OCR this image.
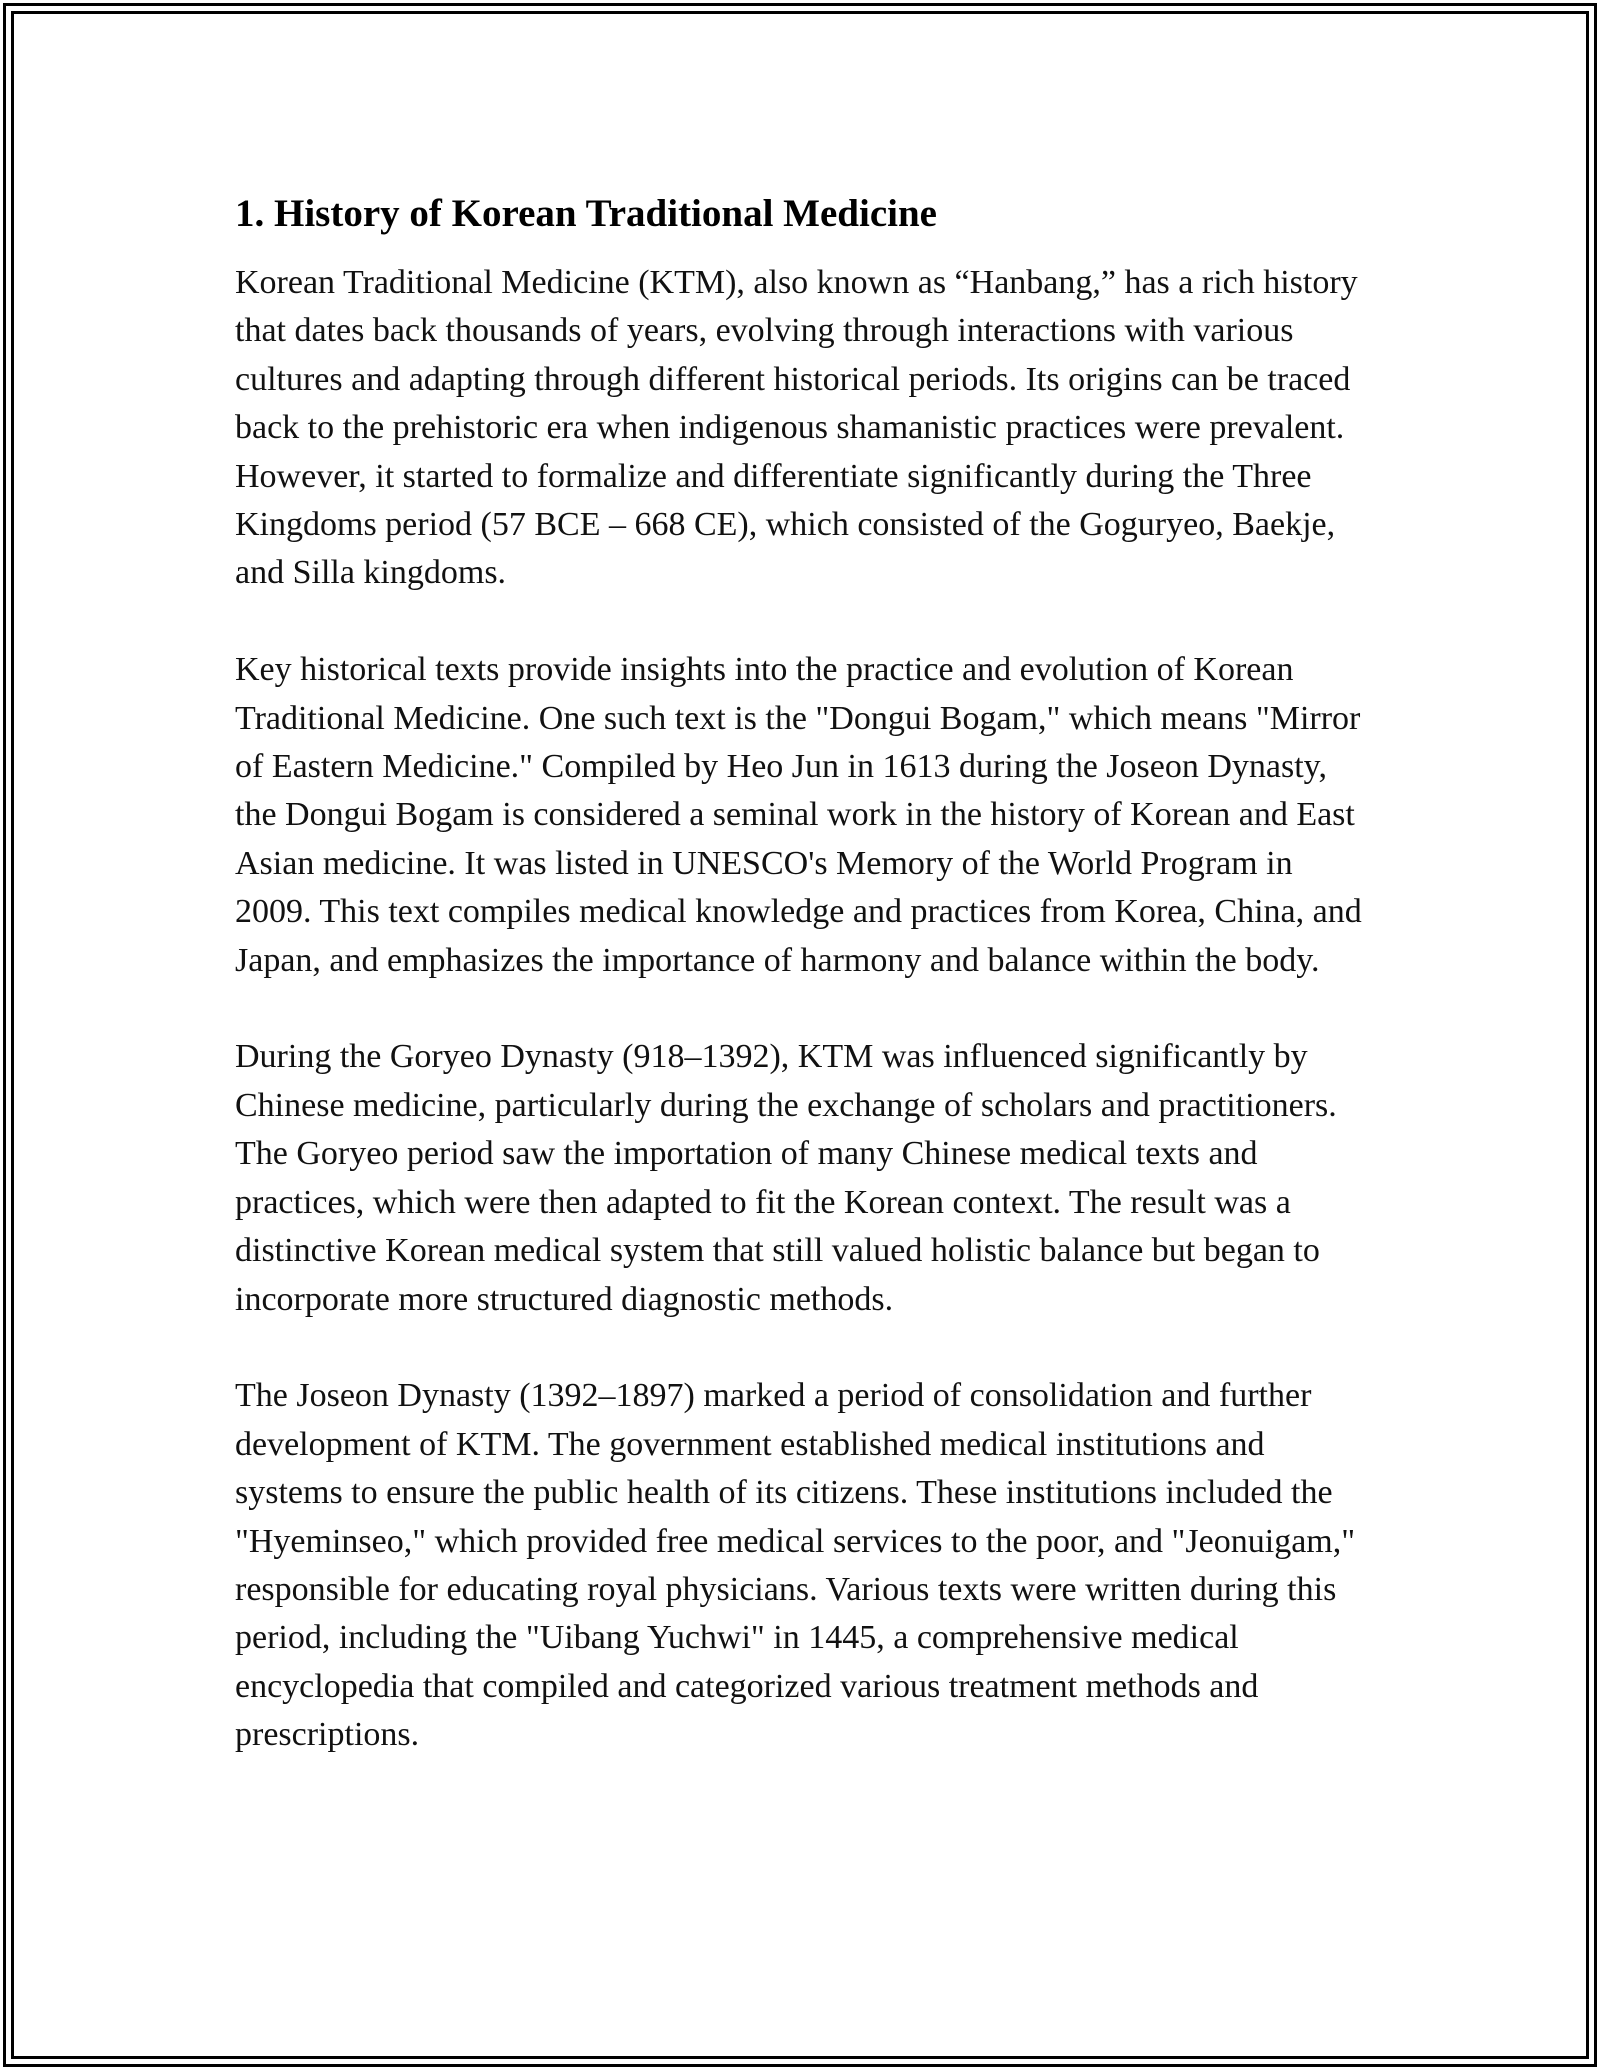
1. History of Korean Traditional Medicine

Korean Traditional Medicine (KTM), also known as “Hanbang,” has a rich history that dates back thousands of years, evolving through interactions with various cultures and adapting through different historical periods. Its origins can be traced back to the prehistoric era when indigenous shamanistic practices were prevalent. However, it started to formalize and differentiate significantly during the Three Kingdoms period (57 BCE – 668 CE), which consisted of the Goguryeo, Baekje, and Silla kingdoms.

Key historical texts provide insights into the practice and evolution of Korean Traditional Medicine. One such text is the "Dongui Bogam," which means "Mirror of Eastern Medicine." Compiled by Heo Jun in 1613 during the Joseon Dynasty, the Dongui Bogam is considered a seminal work in the history of Korean and East Asian medicine. It was listed in UNESCO's Memory of the World Program in 2009. This text compiles medical knowledge and practices from Korea, China, and Japan, and emphasizes the importance of harmony and balance within the body.

During the Goryeo Dynasty (918–1392), KTM was influenced significantly by Chinese medicine, particularly during the exchange of scholars and practitioners. The Goryeo period saw the importation of many Chinese medical texts and practices, which were then adapted to fit the Korean context. The result was a distinctive Korean medical system that still valued holistic balance but began to incorporate more structured diagnostic methods.

The Joseon Dynasty (1392–1897) marked a period of consolidation and further development of KTM. The government established medical institutions and systems to ensure the public health of its citizens. These institutions included the "Hyeminseo," which provided free medical services to the poor, and "Jeonuigam," responsible for educating royal physicians. Various texts were written during this period, including the "Uibang Yuchwi" in 1445, a comprehensive medical encyclopedia that compiled and categorized various treatment methods and prescriptions.
